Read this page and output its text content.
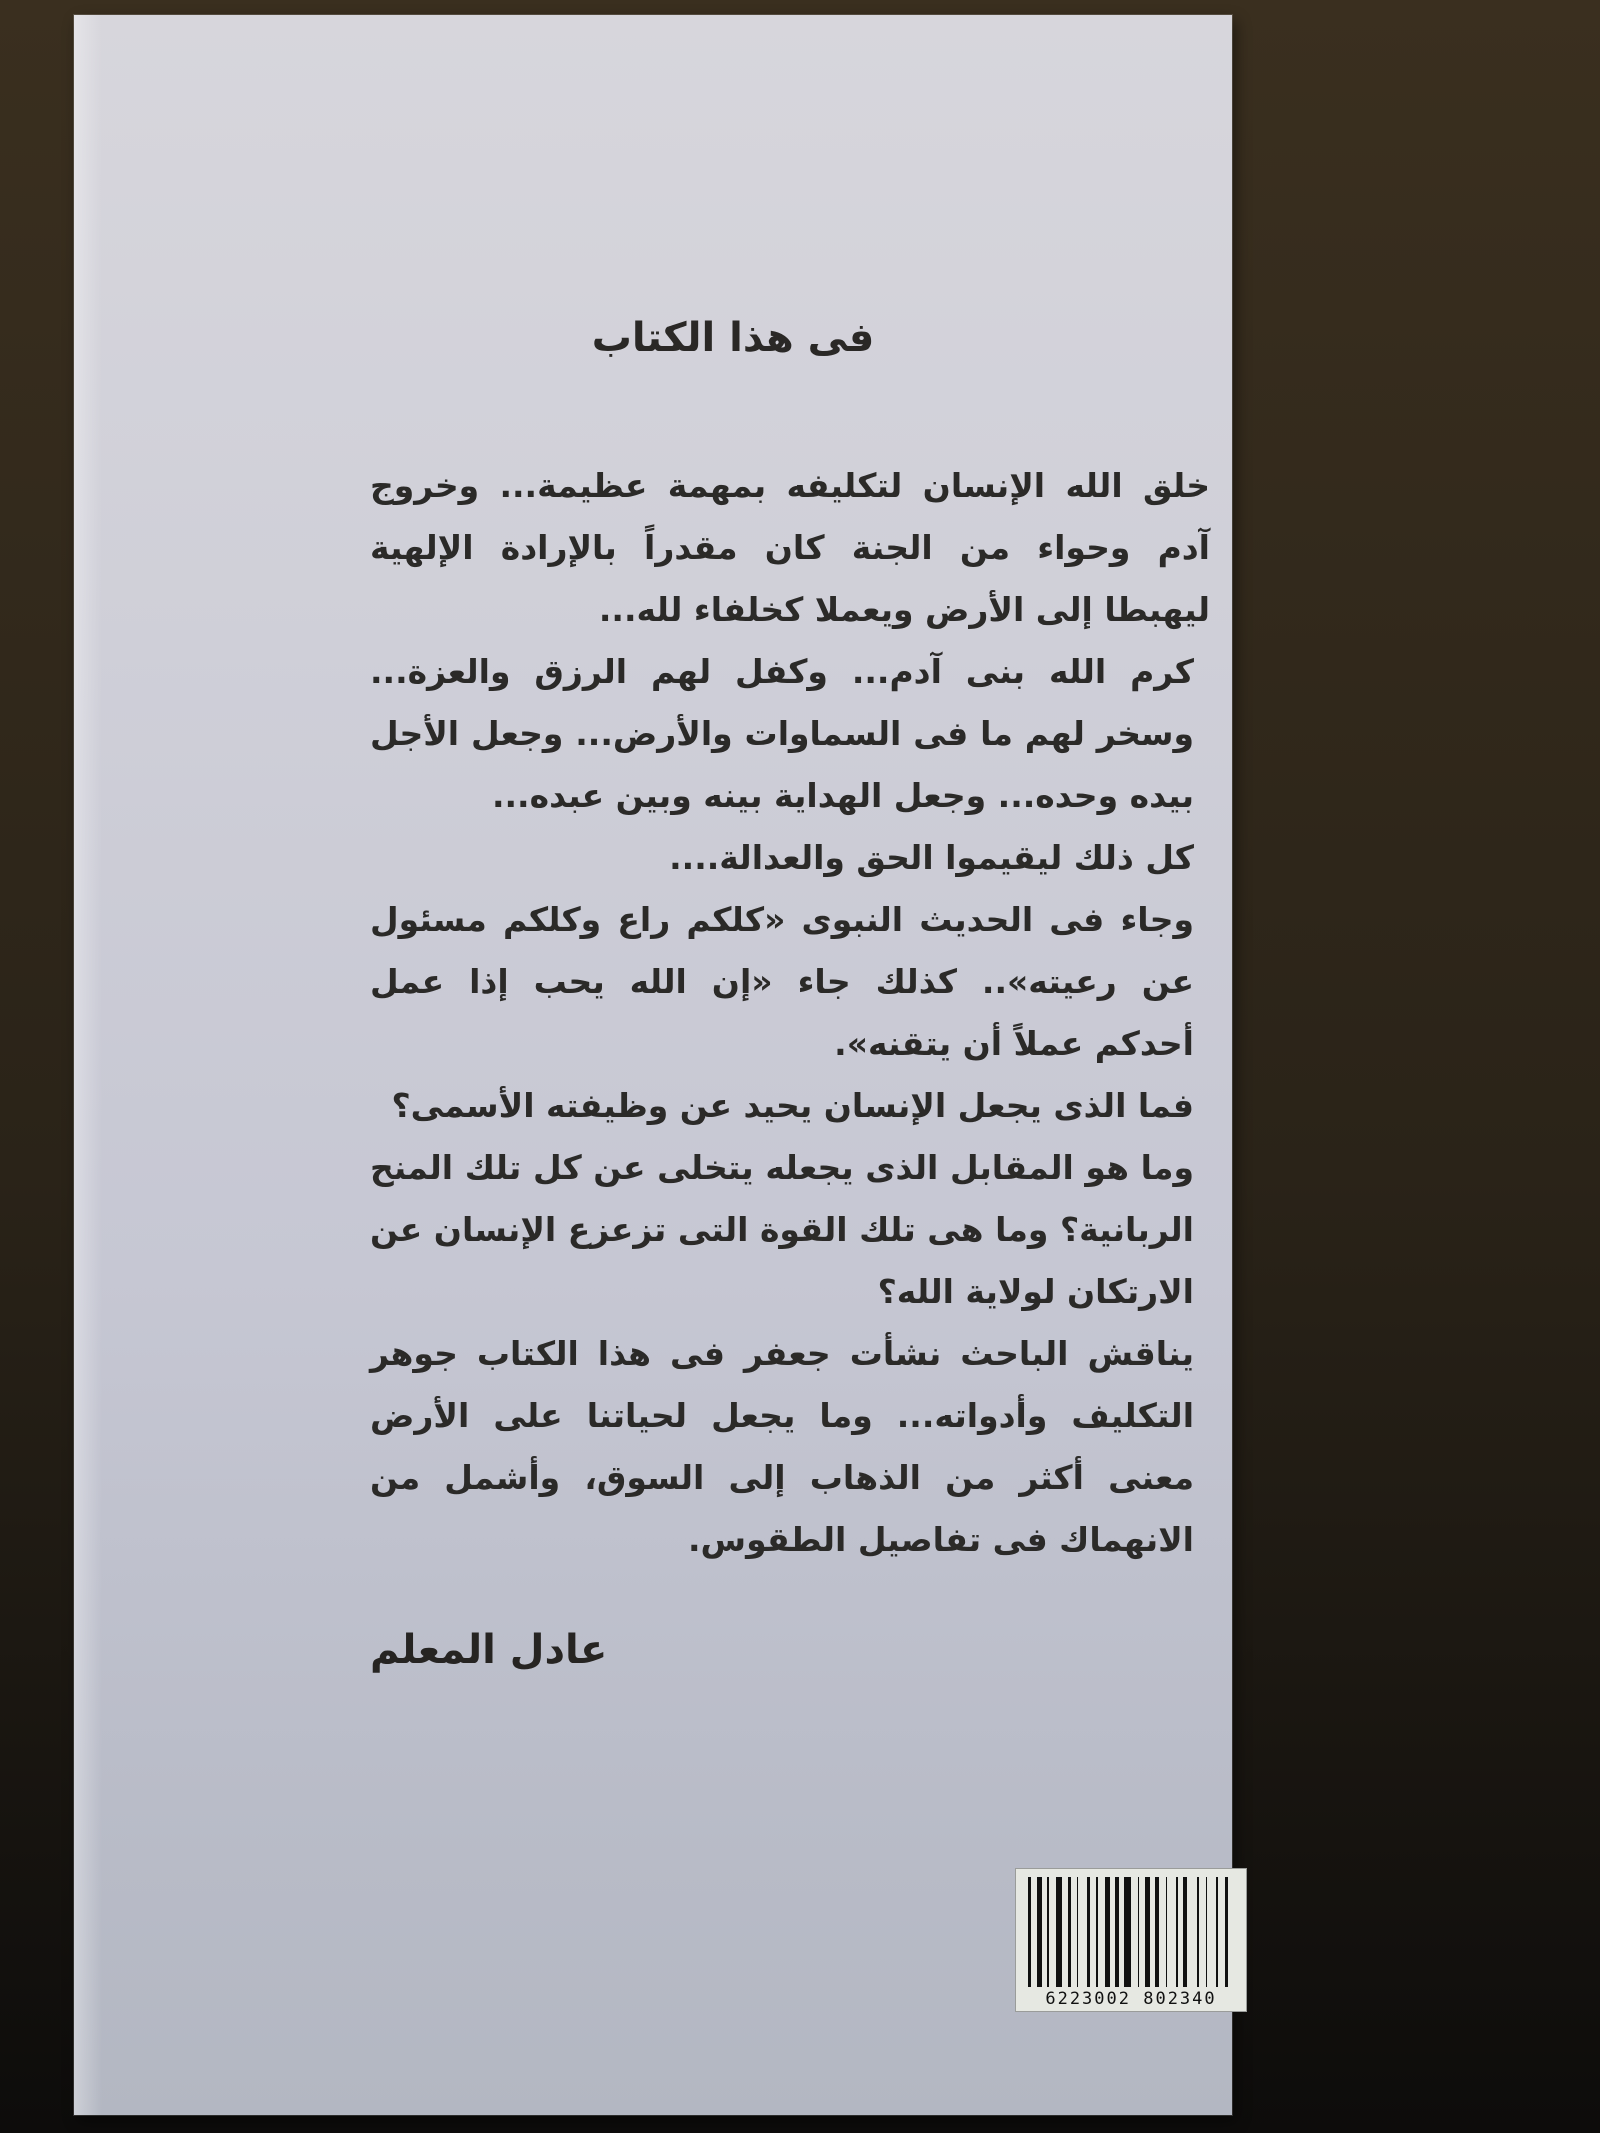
فى هذا الكتاب

خلق الله الإنسان لتكليفه بمهمة عظيمة... وخروج آدم وحواء من الجنة كان مقدراً بالإرادة الإلهية ليهبطا إلى الأرض ويعملا كخلفاء لله...

كرم الله بنى آدم... وكفل لهم الرزق والعزة... وسخر لهم ما فى السماوات والأرض... وجعل الأجل بيده وحده... وجعل الهداية بينه وبين عبده...

كل ذلك ليقيموا الحق والعدالة....

وجاء فى الحديث النبوى «كلكم راع وكلكم مسئول عن رعيته».. كذلك جاء «إن الله يحب إذا عمل أحدكم عملاً أن يتقنه».

فما الذى يجعل الإنسان يحيد عن وظيفته الأسمى؟

وما هو المقابل الذى يجعله يتخلى عن كل تلك المنح الربانية؟ وما هى تلك القوة التى تزعزع الإنسان عن الارتكان لولاية الله؟

يناقش الباحث نشأت جعفر فى هذا الكتاب جوهر التكليف وأدواته... وما يجعل لحياتنا على الأرض معنى أكثر من الذهاب إلى السوق، وأشمل من الانهماك فى تفاصيل الطقوس.

عادل المعلم
6223002 802340
